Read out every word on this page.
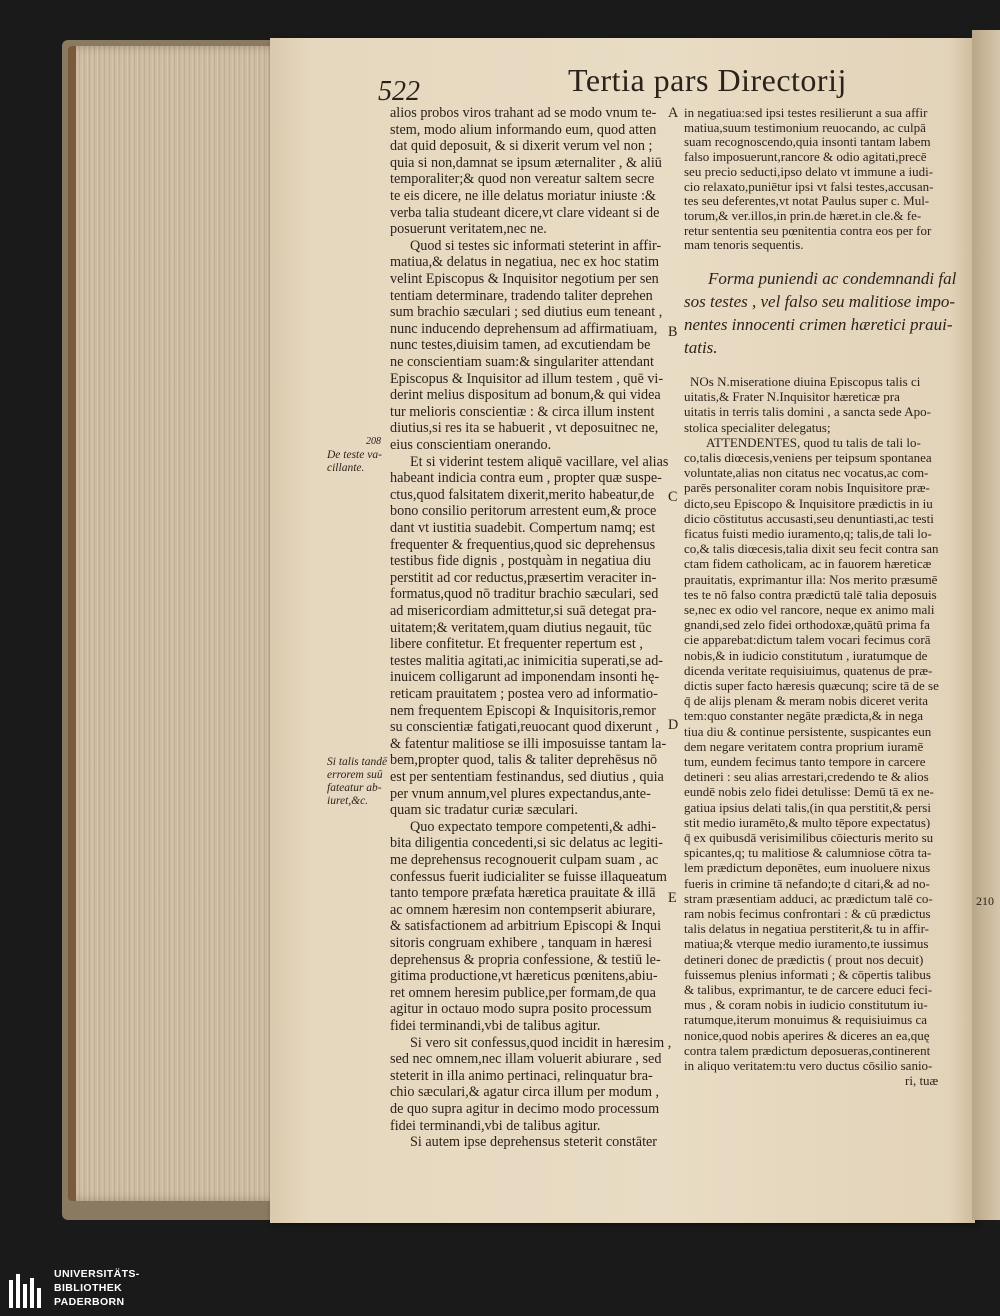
522	Tertia pars Directorij
alios probos viros trahant ad se modo vnum te-
stem, modo alium informando eum, quod atten
dat quid deposuit, & si dixerit verum vel non ;
quia si non,damnat se ipsum æternaliter , & aliū
temporaliter;& quod non vereatur saltem secre
te eis dicere, ne ille delatus moriatur iniuste :&
verba talia studeant dicere,vt clare videant si de
posuerunt veritatem,nec ne.
Quod si testes sic informati steterint in affir-
matiua,& delatus in negatiua, nec ex hoc statim
velint Episcopus & Inquisitor negotium per sen
tentiam determinare, tradendo taliter deprehen
sum brachio sæculari ; sed diutius eum teneant ,
nunc inducendo deprehensum ad affirmatiuam,
nunc testes,diuisim tamen, ad excutiendam be
ne conscientiam suam:& singulariter attendant
Episcopus & Inquisitor ad illum testem , quē vi-
derint melius dispositum ad bonum,& qui videa
tur melioris conscientiæ : & circa illum instent
diutius,si res ita se habuerit , vt deposuitnec ne,
eius conscientiam onerando.
Et si viderint testem aliquē vacillare, vel alias
habeant indicia contra eum , propter quæ suspe-
ctus,quod falsitatem dixerit,merito habeatur,de
bono consilio peritorum arrestent eum,& proce
dant vt iustitia suadebit. Compertum namq; est
frequenter & frequentius,quod sic deprehensus
testibus fide dignis , postquàm in negatiua diu
perstitit ad cor reductus,præsertim veraciter in-
formatus,quod nō traditur brachio sæculari, sed
ad misericordiam admittetur,si suā detegat pra-
uitatem;& veritatem,quam diutius negauit, tūc
libere confitetur. Et frequenter repertum est ,
testes malitia agitati,ac inimicitia superati,se ad-
inuicem colligarunt ad imponendam insonti hę-
reticam prauitatem ; postea vero ad informatio-
nem frequentem Episcopi & Inquisitoris,remor
su conscientiæ fatigati,reuocant quod dixerunt ,
& fatentur malitiose se illi imposuisse tantam la-
bem,propter quod, talis & taliter deprehēsus nō
est per sententiam festinandus, sed diutius , quia
per vnum annum,vel plures expectandus,ante-
quam sic tradatur curiæ sæculari.
Quo expectato tempore competenti,& adhi-
bita diligentia concedenti,si sic delatus ac legiti-
me deprehensus recognouerit culpam suam , ac
confessus fuerit iudicialiter se fuisse illaqueatum
tanto tempore præfata hæretica prauitate & illā
ac omnem hæresim non contempserit abiurare,
& satisfactionem ad arbitrium Episcopi & Inqui
sitoris congruam exhibere , tanquam in hæresi
deprehensus & propria confessione, & testiū le-
gitima productione,vt hæreticus pœnitens,abiu-
ret omnem heresim publice,per formam,de qua
agitur in octauo modo supra posito processum
fidei terminandi,vbi de talibus agitur.
Si vero sit confessus,quod incidit in hæresim ,
sed nec omnem,nec illam voluerit abiurare , sed
steterit in illa animo pertinaci, relinquatur bra-
chio sæculari,& agatur circa illum per modum ,
de quo supra agitur in decimo modo processum
fidei terminandi,vbi de talibus agitur.
Si autem ipse deprehensus steterit constāter
208
De teste va-
cillante.
Si talis tandē
errorem suū
fateatur ab-
iuret,&c.
A
B
C
D
E
in negatiua:sed ipsi testes resilierunt a sua affir
matiua,suum testimonium reuocando, ac culpā
suam recognoscendo,quia insonti tantam labem
falso imposuerunt,rancore & odio agitati,precē
seu precio seducti,ipso delato vt immune a iudi-
cio relaxato,puniētur ipsi vt falsi testes,accusan-
tes seu deferentes,vt notat Paulus super c. Mul-
torum,& ver.illos,in prin.de hæret.in cle.& fe-
retur sententia seu pœnitentia contra eos per for
mam tenoris sequentis.
Forma puniendi ac condemnandi fal
sos testes , vel falso seu malitiose impo-
nentes innocenti crimen hæretici praui-
tatis.
NOs N.miseratione diuina Episcopus talis ci
uitatis,& Frater N.Inquisitor hæreticæ pra
uitatis in terris talis domini , a sancta sede Apo-
stolica specialiter delegatus;
ATTENDENTES, quod tu talis de tali lo-
co,talis diœcesis,veniens per teipsum spontanea
voluntate,alias non citatus nec vocatus,ac com-
parēs personaliter coram nobis Inquisitore præ-
dicto,seu Episcopo & Inquisitore prædictis in iu
dicio cōstitutus accusasti,seu denuntiasti,ac testi
ficatus fuisti medio iuramento,q; talis,de tali lo-
co,& talis diœcesis,talia dixit seu fecit contra san
ctam fidem catholicam, ac in fauorem hæreticæ
prauitatis, exprimantur illa: Nos merito præsumē
tes te nō falso contra prædictū talē talia deposuis
se,nec ex odio vel rancore, neque ex animo mali
gnandi,sed zelo fidei orthodoxæ,quātū prima fa
cie apparebat:dictum talem vocari fecimus corā
nobis,& in iudicio constitutum , iuratumque de
dicenda veritate requisiuimus, quatenus de præ-
dictis super facto hæresis quæcunq; scire tā de se
q̄ de alijs plenam & meram nobis diceret verita
tem:quo constanter negāte prædicta,& in nega
tiua diu & continue persistente, suspicantes eun
dem negare veritatem contra proprium iuramē
tum, eundem fecimus tanto tempore in carcere
detineri : seu alias arrestari,credendo te & alios
eundē nobis zelo fidei detulisse: Demū tā ex ne-
gatiua ipsius delati talis,(in qua perstitit,& persi
stit medio iuramēto,& multo tēpore expectatus)
q̄ ex quibusdā verisimilibus cōiecturis merito su
spicantes,q; tu malitiose & calumniose cōtra ta-
lem prædictum deponētes, eum inuoluere nixus
fueris in crimine tā nefando;te d citari,& ad no-
stram præsentiam adduci, ac prædictum talē co-
ram nobis fecimus confrontari : & cū prædictus
talis delatus in negatiua perstiterit,& tu in affir-
matiua;& vterque medio iuramento,te iussimus
detineri donec de prædictis ( prout nos decuit)
fuissemus plenius informati ; & cōpertis talibus
& talibus, exprimantur, te de carcere educi feci-
mus , & coram nobis in iudicio constitutum iu-
ratumque,iterum monuimus & requisiuimus ca
nonice,quod nobis aperires & diceres an ea,quę
contra talem prædictum deposueras,continerent
in aliquo veritatem:tu vero ductus cōsilio sanio-
ri, tuæ
210
UNIVERSITÄTS-
BIBLIOTHEK
PADERBORN
